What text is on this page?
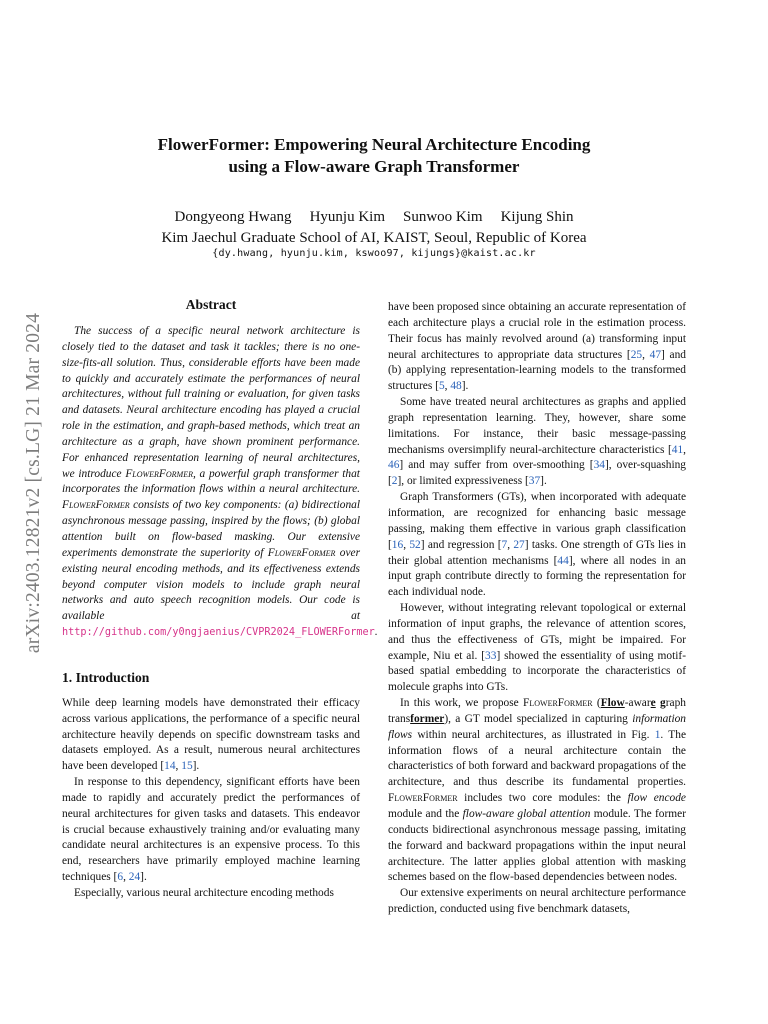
arXiv:2403.12821v2 [cs.LG] 21 Mar 2024
FlowerFormer: Empowering Neural Architecture Encoding
using a Flow-aware Graph Transformer
Dongyeong Hwang Hyunju Kim Sunwoo Kim Kijung Shin
Kim Jaechul Graduate School of AI, KAIST, Seoul, Republic of Korea
{dy.hwang, hyunju.kim, kswoo97, kijungs}@kaist.ac.kr
Abstract

The success of a specific neural network architecture is closely tied to the dataset and task it tackles; there is no one-size-fits-all solution. Thus, considerable efforts have been made to quickly and accurately estimate the performances of neural architectures, without full training or evaluation, for given tasks and datasets. Neural architecture encoding has played a crucial role in the estimation, and graph-based methods, which treat an architecture as a graph, have shown prominent performance. For enhanced representation learning of neural architectures, we introduce FlowerFormer, a powerful graph transformer that incorporates the information flows within a neural architecture. FlowerFormer consists of two key components: (a) bidirectional asynchronous message passing, inspired by the flows; (b) global attention built on flow-based masking. Our extensive experiments demonstrate the superiority of FlowerFormer over existing neural encoding methods, and its effectiveness extends beyond computer vision models to include graph neural networks and auto speech recognition models. Our code is available at http://github.com/y0ngjaenius/CVPR2024_FLOWERFormer.

1. Introduction

While deep learning models have demonstrated their efficacy across various applications, the performance of a specific neural architecture heavily depends on specific downstream tasks and datasets employed. As a result, numerous neural architectures have been developed [14, 15].

In response to this dependency, significant efforts have been made to rapidly and accurately predict the performances of neural architectures for given tasks and datasets. This endeavor is crucial because exhaustively training and/or evaluating many candidate neural architectures is an expensive process. To this end, researchers have primarily employed machine learning techniques [6, 24].

Especially, various neural architecture encoding methods

have been proposed since obtaining an accurate representation of each architecture plays a crucial role in the estimation process. Their focus has mainly revolved around (a) transforming input neural architectures to appropriate data structures [25, 47] and (b) applying representation-learning models to the transformed structures [5, 48].

Some have treated neural architectures as graphs and applied graph representation learning. They, however, share some limitations. For instance, their basic message-passing mechanisms oversimplify neural-architecture characteristics [41, 46] and may suffer from over-smoothing [34], over-squashing [2], or limited expressiveness [37].

Graph Transformers (GTs), when incorporated with adequate information, are recognized for enhancing basic message passing, making them effective in various graph classification [16, 52] and regression [7, 27] tasks. One strength of GTs lies in their global attention mechanisms [44], where all nodes in an input graph contribute directly to forming the representation for each individual node.

However, without integrating relevant topological or external information of input graphs, the relevance of attention scores, and thus the effectiveness of GTs, might be impaired. For example, Niu et al. [33] showed the essentiality of using motif-based spatial embedding to incorporate the characteristics of molecule graphs into GTs.

In this work, we propose FlowerFormer (Flow-aware graph transformer), a GT model specialized in capturing information flows within neural architectures, as illustrated in Fig. 1. The information flows of a neural architecture contain the characteristics of both forward and backward propagations of the architecture, and thus describe its fundamental properties. FlowerFormer includes two core modules: the flow encode module and the flow-aware global attention module. The former conducts bidirectional asynchronous message passing, imitating the forward and backward propagations within the input neural architecture. The latter applies global attention with masking schemes based on the flow-based dependencies between nodes.

Our extensive experiments on neural architecture performance prediction, conducted using five benchmark datasets,
